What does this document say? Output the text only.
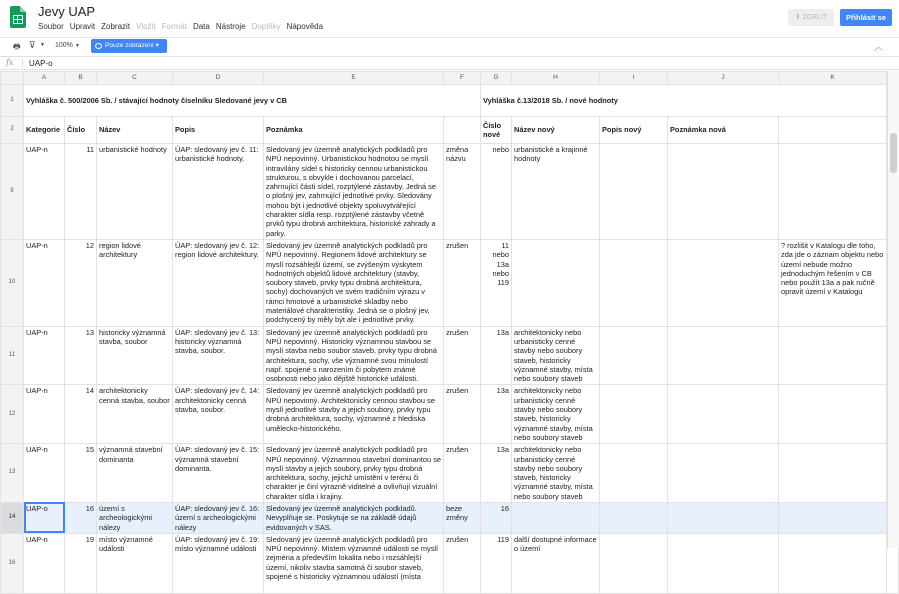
Jevy UAP
Soubor Upravit Zobrazit Vložit Formát Data Nástroje Doplňky Nápověda
⬇ ZOBLIT	Přihlásit se
🖶 ⊽ ▼ 100% ▼	Pouze zobrazení ▾	︿
fx UAP-o
	A	B	C	D	E	F	G	H	I	J	K	
1	Vyhláška č. 500/2006 Sb. / stávající hodnoty číselníku Sledované jevy v CB						Vyhláška č.13/2018 Sb. / nové hodnoty					
2	Kategorie	Číslo	Název	Popis	Poznámka		Číslo nové	Název nový	Popis nový	Poznámka nová		
9	UAP-n	11	urbanistické hodnoty	ÚAP: sledovaný jev č. 11: urbanistické hodnoty.	Sledovaný jev územně analytických podkladů pro NPÚ nepovinný. Urbanistickou hodnotou se myslí intravilány sídel s historicky cennou urbanistickou strukturou, s obvykle i dochovanou parcelací, zahrnující části sídel, rozptýlené zástavby. Jedná se o plošný jev, zahrnující jednotlivé prvky. Sledovány mohou být i jednotlivé objekty spoluvytvářející charakter sídla resp. rozptýlené zástavby včetně prvků typu drobná architektura, historické zahrady a parky.	změna názvu	nebo	urbanistické a krajinné hodnoty				
10	UAP-n	12	region lidové architektury	ÚAP: sledovaný jev č. 12: region lidové architektury.	Sledovaný jev územně analytických podkladů pro NPÚ nepovinný. Regionem lidové architektury se myslí rozsáhlejší území, se zvýšeným výskytem hodnotných objektů lidové architektury (stavby, soubory staveb, prvky typu drobná architektura, sochy) dochovaných ve svém tradičním výrazu v rámci hmotové a urbanistické skladby nebo materiálové charakteristiky. Jedná se o plošný jev, podchycený by měly být ale i jednotlivé prvky.	zrušen	11 nebo 13a nebo 119				? rozlišit v Katalogu dle toho, zda jde o záznam objektu nebo území nebude možno jednoduchým řešením v CB nebo použít 13a a pak ručně opravit území v Katalogu	
11	UAP-n	13	historicky významná stavba, soubor	ÚAP: sledovaný jev č. 13: historicky významná stavba, soubor.	Sledovaný jev územně analytických podkladů pro NPÚ nepovinný. Historicky významnou stavbou se myslí stavba nebo soubor staveb, prvky typu drobná architektura, sochy, vše významné svou minulostí např. spojené s narozením či pobytem známé osobnosti nebo jako dějiště historické události.	zrušen	13a	architektonicky nebo urbanisticky cenné stavby nebo soubory staveb, historicky významné stavby, místa nebo soubory staveb				
12	UAP-n	14	architektonicky cenná stavba, soubor	ÚAP: sledovaný jev č. 14: architektonicky cenná stavba, soubor.	Sledovaný jev územně analytických podkladů pro NPÚ nepovinný. Architektonicky cennou stavbou se myslí jednotlivé stavby a jejich soubory, prvky typu drobná architektura, sochy, významné z hlediska umělecko-historického.	zrušen	13a	architektonicky nebo urbanisticky cenné stavby nebo soubory staveb, historicky významné stavby, místa nebo soubory staveb				
13	UAP-n	15	významná stavební dominanta	ÚAP: sledovaný jev č. 15: významná stavební dominanta.	Sledovaný jev územně analytických podkladů pro NPÚ nepovinný. Významnou stavební dominantou se myslí stavby a jejich soubory, prvky typu drobná architektura, sochy, jejichž umístění v terénu či charakter je činí výrazně viditelné a ovlivňují vizuální charakter sídla i krajiny.	zrušen	13a	architektonicky nebo urbanisticky cenné stavby nebo soubory staveb, historicky významné stavby, místa nebo soubory staveb				
14	UAP-o	16	území s archeologickými nálezy	ÚAP: sledovaný jev č. 16: území s archeologickými nálezy	Sledovaný jev územně analytických podkladů. Nevyplňuje se. Poskytuje se na základě údajů evidovaných v SAS.	beze změny	16					
16	UAP-n	19	místo významné události	ÚAP: sledovaný jev č. 19: místo významné události	Sledovaný jev územně analytických podkladů pro NPÚ nepovinný. Místem významné události se myslí zejména a především lokalita nebo i rozsáhlejší území, nikoliv stavba samotná či soubor staveb, spojené s historicky významnou událostí (místa	zrušen	119	další dostupné informace o území				
